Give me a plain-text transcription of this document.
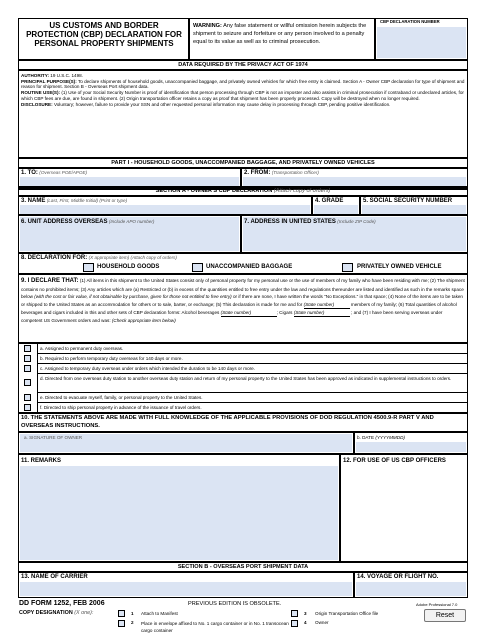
US CUSTOMS AND BORDER PROTECTION (CBP) DECLARATION FOR PERSONAL PROPERTY SHIPMENTS
WARNING: Any false statement or willful omission herein subjects the shipment to seizure and forfeiture or any person involved to a penalty equal to its value as well as to criminal prosecution.
CBP DECLARATION NUMBER
DATA REQUIRED BY THE PRIVACY ACT OF 1974
AUTHORITY: 19 U.S.C. 1498.
PRINCIPAL PURPOSE(S): To declare shipments of household goods, unaccompanied baggage, and privately owned vehicles for which free entry is claimed. Section A - Owner CBP declaration for type of shipment and reason for shipment. Section B - Overseas Port shipment data.
ROUTINE USE(S): (1) Use of your Social Security Number is proof of identification that person processing through CBP is not an imposter and also assists in criminal prosecution if contraband or undeclared articles, for which CBP fees are due, are found in shipment. (2) Origin transportation officer retains a copy as proof that shipment has been properly processed. Copy will be destroyed when no longer required.
DISCLOSURE: Voluntary; however, failure to provide your SSN and other requested personal information may cause delay in processing through CBP, pending positive identification.
PART I - HOUSEHOLD GOODS, UNACCOMPANIED BAGGAGE, AND PRIVATELY OWNED VEHICLES
1. TO: (Overseas POE/APOE)	2. FROM: (Transportation Officer)
SECTION A - OWNER'S CBP DECLARATION (Attach copy of orders)
3. NAME (Last, First, Middle Initial) (Print or type)	4. GRADE	5. SOCIAL SECURITY NUMBER
6. UNIT ADDRESS OVERSEAS (Include APO number)	7. ADDRESS IN UNITED STATES (Include ZIP Code)
8. DECLARATION FOR: (X appropriate item) (Attach copy of orders)
HOUSEHOLD GOODS	UNACCOMPANIED BAGGAGE	PRIVATELY OWNED VEHICLE
9. I DECLARE THAT: (1) All items in this shipment to the United States consist only of personal property for my personal use or the use of members of my family who have been residing with me; (2) The shipment contains no prohibited items; (3) Any articles which are (a) Restricted or (b) in excess of the quantities entitled to free entry under the law and regulations thereunder are listed and identified as such in the remarks space below (with the cost or fair value, if not obtainable by purchase, given for those not entitled to free entry) or if there are none, I have written the words "No Exceptions." in that space; (4) None of the items are to be taken or shipped to the United States as an accommodation for others or to sale, barter, or exchange; (5) This declaration is made for me and for (State number)	members of my family; (6) Total quantities of alcohol beverages and cigars included in this and other sets of CBP declaration forms: Alcohol beverages (State number)	; Cigars (State number)	; and (7) I have been serving overseas under competent US Government orders and was: (Check appropriate item below)
a. Assigned to permanent duty overseas.
b. Required to perform temporary duty overseas for 140 days or more.
c. Assigned to temporary duty overseas under orders which intended the duration to be 140 days or more.
d. Directed from one overseas duty station to another overseas duty station and return of my personal property to the United States has been approved as indicated in supplemental instructions to orders.
e. Directed to evacuate myself, family, or personal property to the United States.
f. Directed to ship personal property in advance of the issuance of travel orders.
10. THE STATEMENTS ABOVE ARE MADE WITH FULL KNOWLEDGE OF THE APPLICABLE PROVISIONS OF DOD REGULATION 4500.9-R PART V AND OVERSEAS INSTRUCTIONS.
a. SIGNATURE OF OWNER	b. DATE (YYYYMMDD)
11. REMARKS	12. FOR USE OF US CBP OFFICERS
SECTION B - OVERSEAS PORT SHIPMENT DATA
13. NAME OF CARRIER	14. VOYAGE OR FLIGHT NO.
DD FORM 1252, FEB 2006	PREVIOUS EDITION IS OBSOLETE.	Adobe Professional 7.0
COPY DESIGNATION (X one):	1 Attach to Manifest
2 Place in envelope affixed to No. 1 cargo container or in No. 1 transocean cargo container
3 Origin Transportation Office file
4 Owner
Reset
